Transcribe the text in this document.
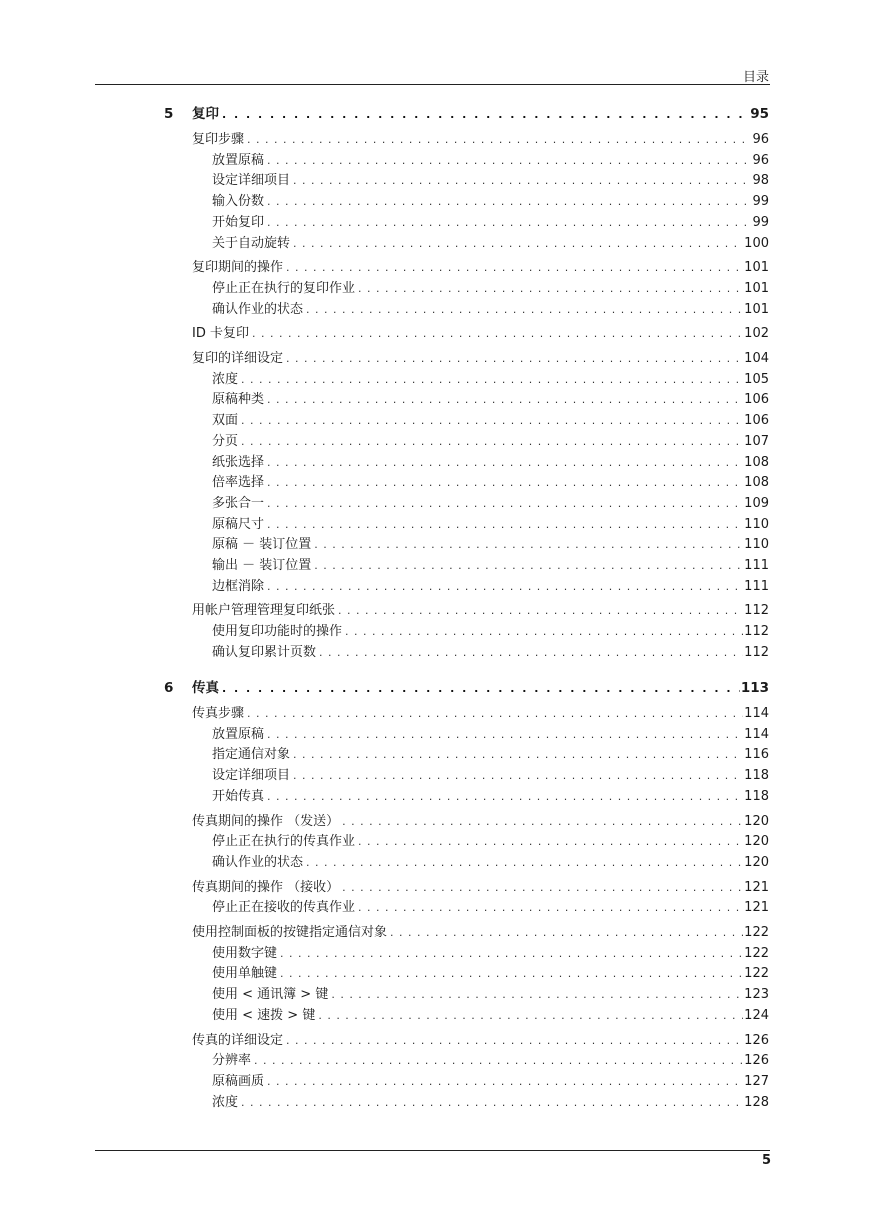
目录
5 复印 . . .	95
复印步骤 . . .	96
放置原稿 . . .	96
设定详细项目 . . .	98
输入份数 . . .	99
开始复印 . . .	99
关于自动旋转 . . .	100
复印期间的操作 . . .	101
停止正在执行的复印作业 . . .	101
确认作业的状态 . . .	101
ID 卡复印 . . .	102
复印的详细设定 . . .	104
浓度 . . .	105
原稿种类 . . .	106
双面 . . .	106
分页 . . .	107
纸张选择 . . .	108
倍率选择 . . .	108
多张合一 . . .	109
原稿尺寸 . . .	110
原稿 － 装订位置 . . .	110
输出 － 装订位置 . . .	111
边框消除 . . .	111
用帐户管理管理复印纸张 . . .	112
使用复印功能时的操作 . . .	112
确认复印累计页数 . . .	112
6 传真 . . .	113
传真步骤 . . .	114
放置原稿 . . .	114
指定通信对象 . . .	116
设定详细项目 . . .	118
开始传真 . . .	118
传真期间的操作 （发送） . . .	120
停止正在执行的传真作业 . . .	120
确认作业的状态 . . .	120
传真期间的操作 （接收） . . .	121
停止正在接收的传真作业 . . .	121
使用控制面板的按键指定通信对象 . . .	122
使用数字键 . . .	122
使用单触键 . . .	122
使用 < 通讯簿 > 键 . . .	123
使用 < 速拨 > 键 . . .	124
传真的详细设定 . . .	126
分辨率 . . .	126
原稿画质 . . .	127
浓度 . . .	128
5
